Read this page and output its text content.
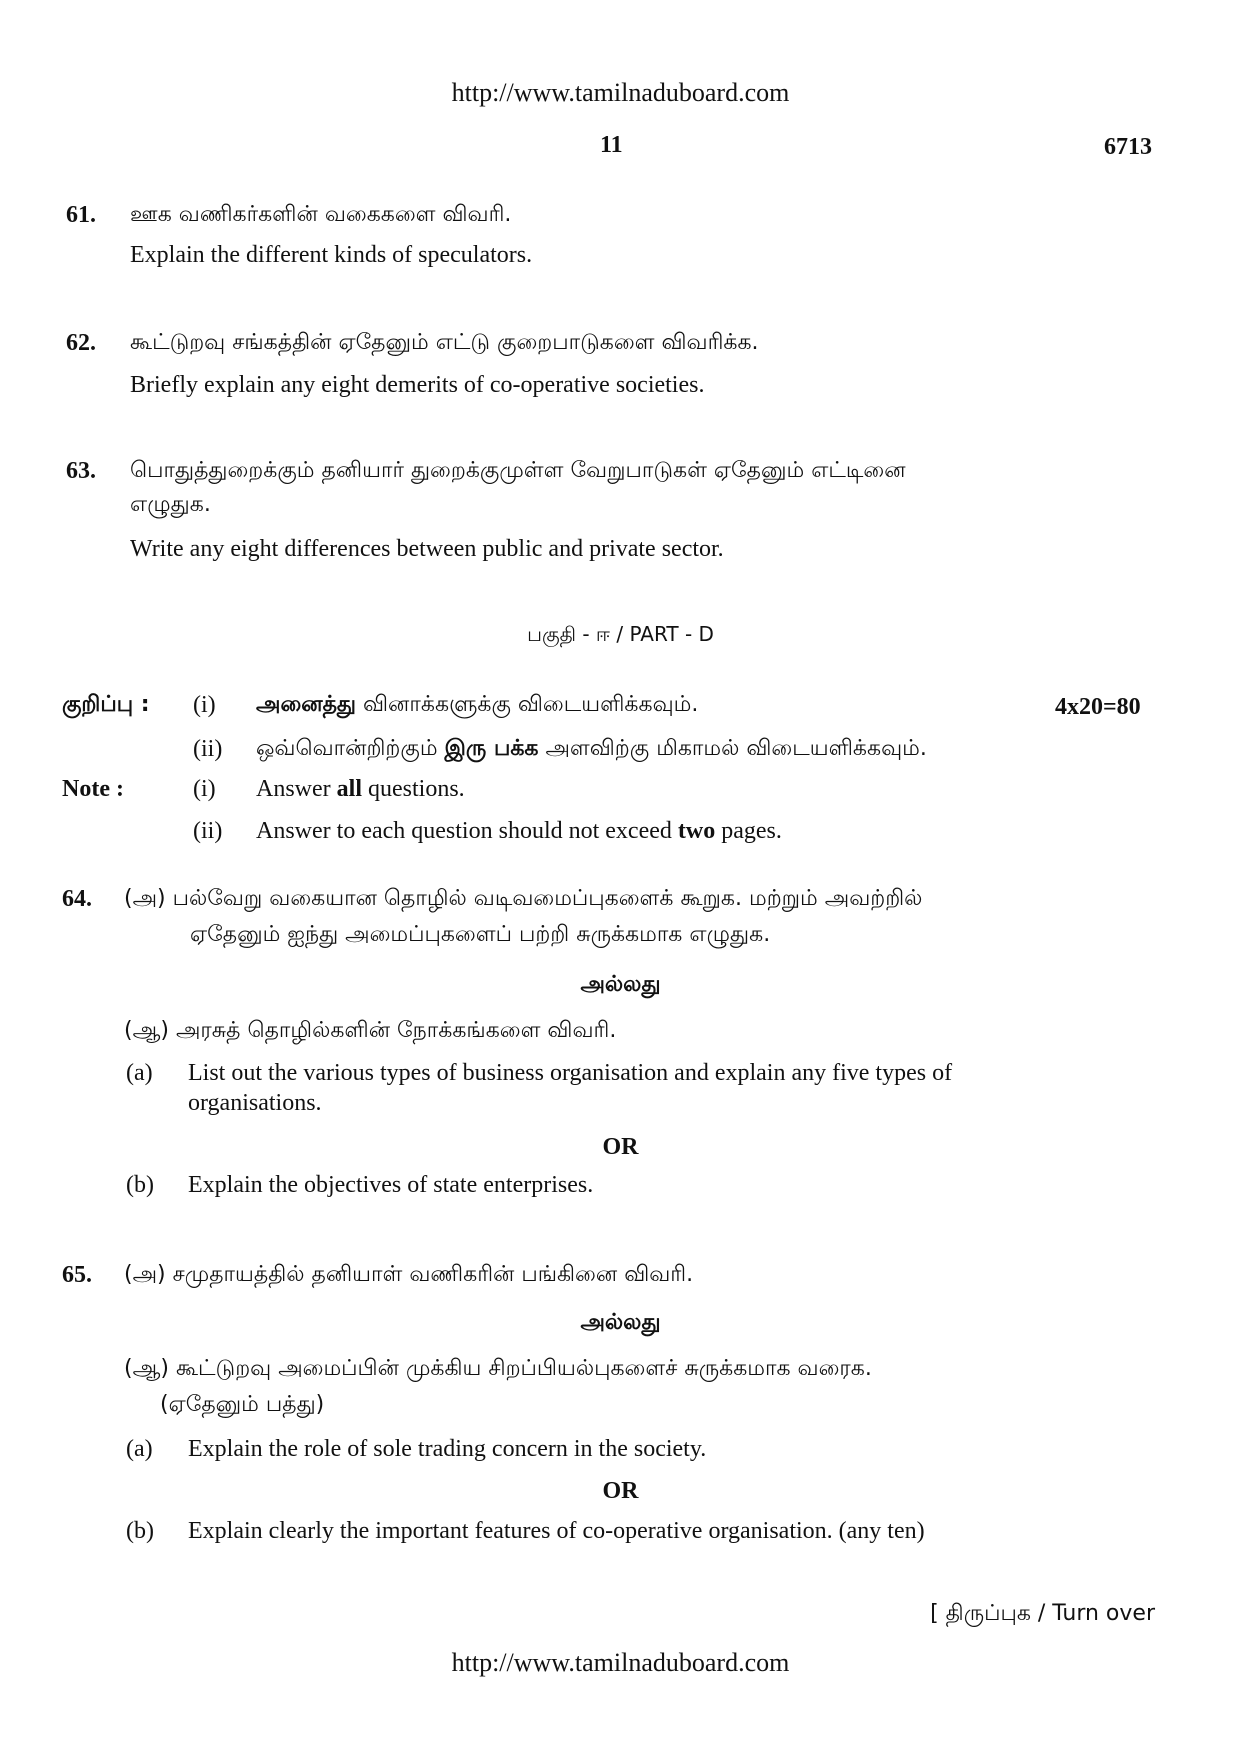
http://www.tamilnaduboard.com
11	6713
61. ஊக வணிகர்களின் வகைகளை விவரி.
Explain the different kinds of speculators.
62. கூட்டுறவு சங்கத்தின் ஏதேனும் எட்டு குறைபாடுகளை விவரிக்க.
Briefly explain any eight demerits of co-operative societies.
63. பொதுத்துறைக்கும் தனியார் துறைக்குமுள்ள வேறுபாடுகள் ஏதேனும் எட்டினை
எழுதுக.
Write any eight differences between public and private sector.
பகுதி - ஈ / PART - D
குறிப்பு : (i) அனைத்து வினாக்களுக்கு விடையளிக்கவும்.	4x20=80
(ii) ஒவ்வொன்றிற்கும் இரு பக்க அளவிற்கு மிகாமல் விடையளிக்கவும்.
Note :	(i) Answer all questions.
(ii) Answer to each question should not exceed two pages.
64. (அ) பல்வேறு வகையான தொழில் வடிவமைப்புகளைக் கூறுக. மற்றும் அவற்றில்
ஏதேனும் ஐந்து அமைப்புகளைப் பற்றி சுருக்கமாக எழுதுக.
அல்லது
(ஆ) அரசுத் தொழில்களின் நோக்கங்களை விவரி.
(a) List out the various types of business organisation and explain any five types of
organisations.
OR
(b) Explain the objectives of state enterprises.
65. (அ) சமுதாயத்தில் தனியாள் வணிகரின் பங்கினை விவரி.
அல்லது
(ஆ) கூட்டுறவு அமைப்பின் முக்கிய சிறப்பியல்புகளைச் சுருக்கமாக வரைக.
(ஏதேனும் பத்து)
(a) Explain the role of sole trading concern in the society.
OR
(b) Explain clearly the important features of co-operative organisation. (any ten)
[ திருப்புக / Turn over
http://www.tamilnaduboard.com
